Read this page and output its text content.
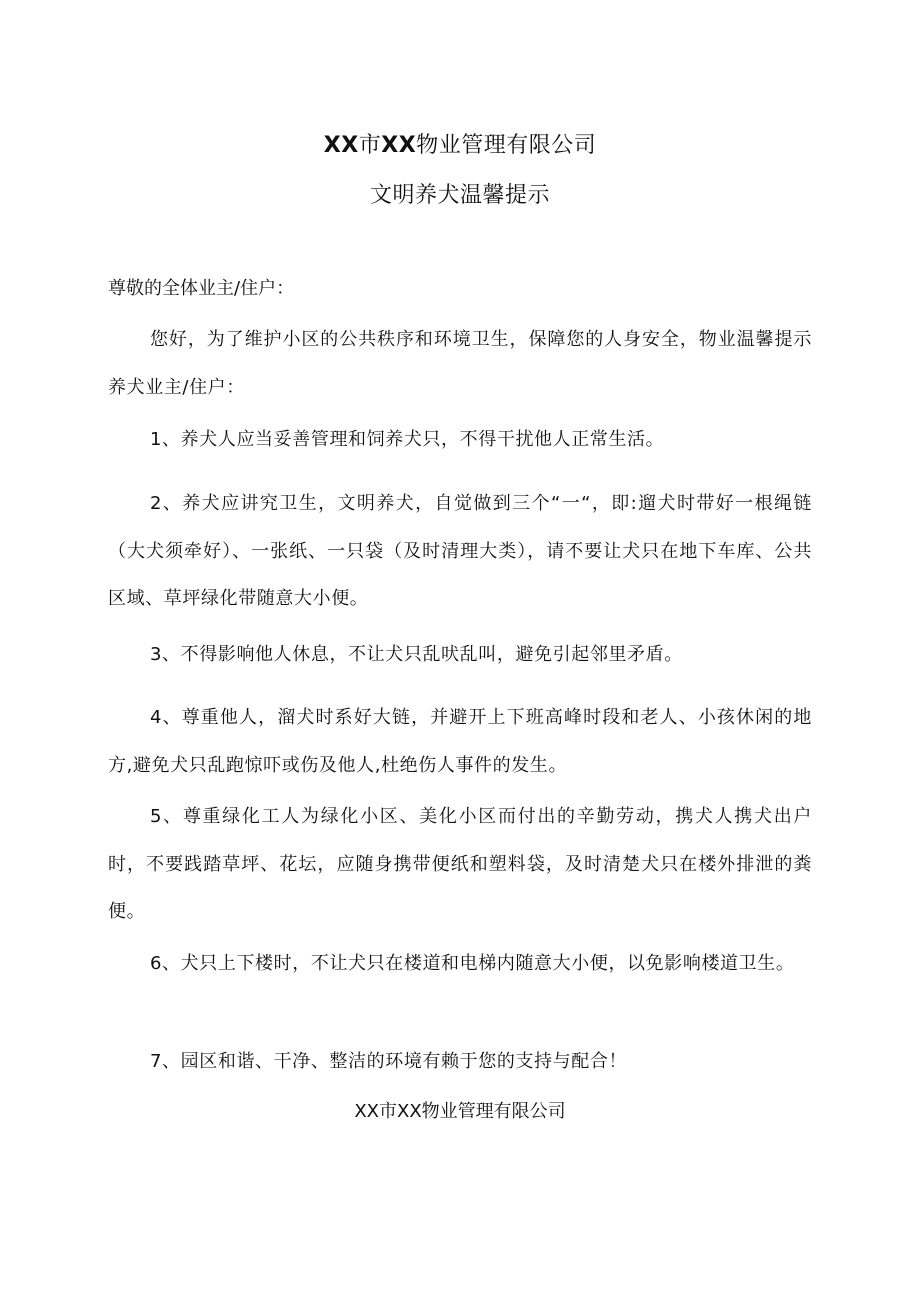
XX市XX物业管理有限公司
文明养犬温馨提示
尊敬的全体业主/住户：

您好，为了维护小区的公共秩序和环境卫生，保障您的人身安全，物业温馨提示养犬业主/住户：

1、养犬人应当妥善管理和饲养犬只，不得干扰他人正常生活。

2、养犬应讲究卫生，文明养犬，自觉做到三个“一“，即:遛犬时带好一根绳链（大犬须牵好）、一张纸、一只袋（及时清理大类），请不要让犬只在地下车库、公共区域、草坪绿化带随意大小便。

3、不得影响他人休息，不让犬只乱吠乱叫，避免引起邻里矛盾。

4、尊重他人，溜犬时系好大链，并避开上下班高峰时段和老人、小孩休闲的地方,避免犬只乱跑惊吓或伤及他人,杜绝伤人事件的发生。

5、尊重绿化工人为绿化小区、美化小区而付出的辛勤劳动，携犬人携犬出户时，不要践踏草坪、花坛，应随身携带便纸和塑料袋，及时清楚犬只在楼外排泄的粪便。

6、犬只上下楼时，不让犬只在楼道和电梯内随意大小便，以免影响楼道卫生。

7、园区和谐、干净、整洁的环境有赖于您的支持与配合！

XX市XX物业管理有限公司
